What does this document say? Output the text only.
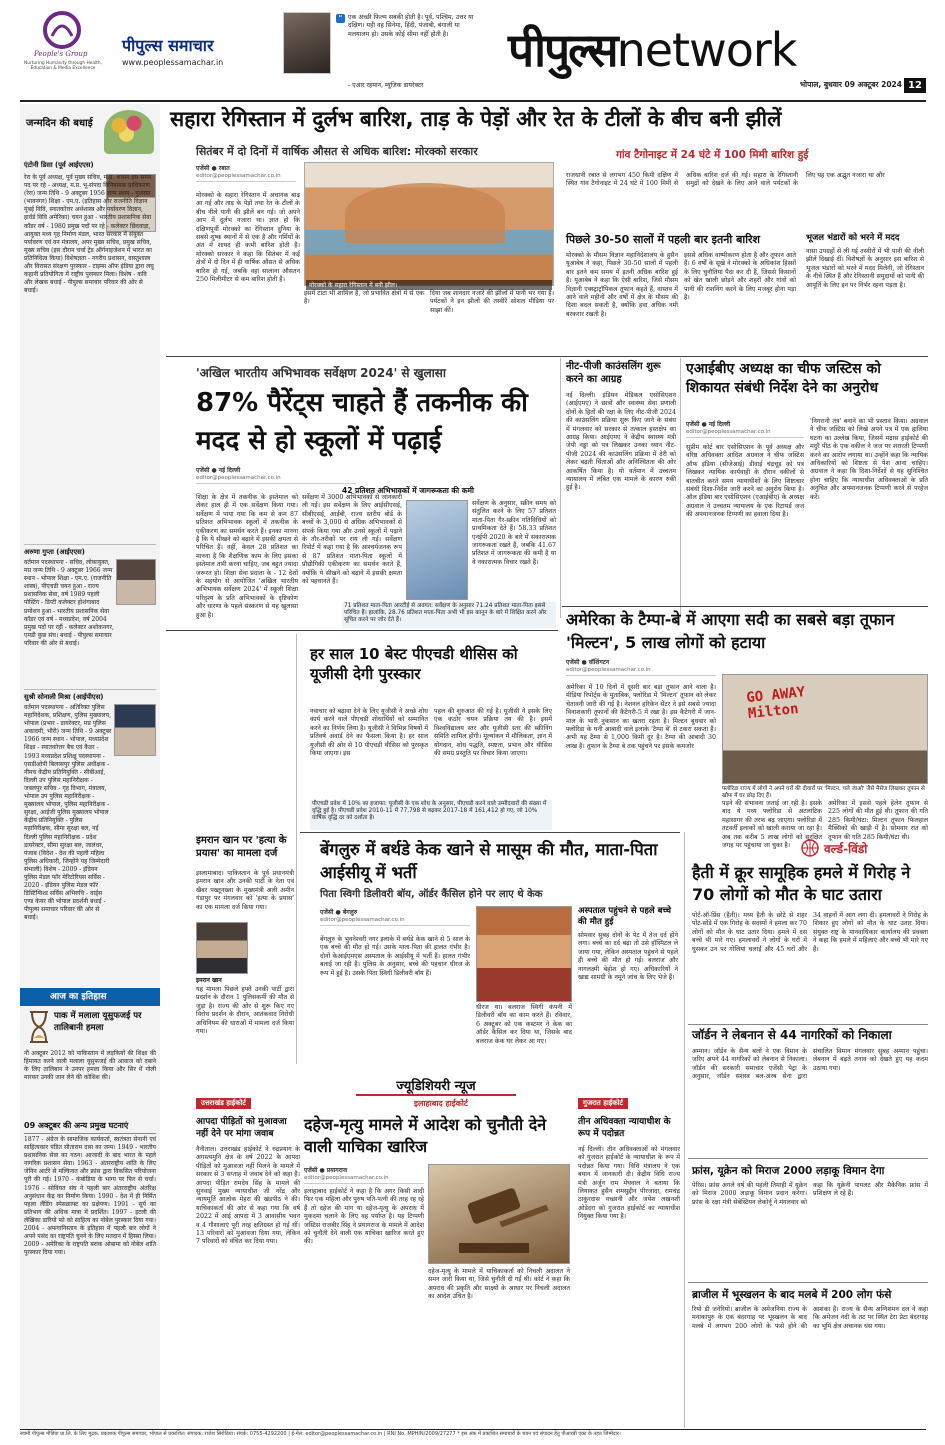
People's Group
Nurturing Humanity through Health, Education & Media Excellence
पीपुल्स समाचार
www.peoplessamachar.in
" एक अच्छी फिल्म सबकी होती है। पूर्व, पश्चिम, उत्तर या दक्षिण। यही वह सिनेमा, हिंदी, पंजाबी, बंगाली या मलयालम हो। उसके कोई सीमा नहीं होती है।
- एआर रहमान, म्यूजिक डायरेक्टर
पीपुल्सnetwork
भोपाल, बुधवार 09 अक्टूबर 2024 12
जन्मदिन की बधाई
एंटोनी डिसा (पूर्व आईएएस)
रेरा के पूर्व अध्यक्ष, पूर्व मुख्य सचिव, म.प्र. शासन इस समय पद पर रहे - अध्यक्ष, म.प्र. भू-संपदा विनियामक प्राधिकरण (रेरा) जन्म तिथि - 9 अक्टूबर 1956 जन्म स्थान - गुजरात (भावनगर) शिक्षा - एम.ए. (इतिहास और राजनीति विज्ञान मुंबई विवि, स्नातकोत्तर अर्थशास्त्र और पर्यावरण विज्ञान, हार्वर्ड विवि अमेरिका) चयन हुआ - भारतीय प्रशासनिक सेवा कॉडर वर्ष - 1980 प्रमुख पदों पर रहे - कलेक्टर छिंदवाड़ा, आयुक्त मध्य गृह निर्माण मंडल, भारत सरकार में संयुक्त पर्यावरण एवं वन मंत्रालय, अपर मुख्य सचिव, प्रमुख सचिव, मुख्य सचिव (इस दौरान चर्चा ट्रेड ऑर्गनाइजेशन में भारत का प्रतिनिधित्व किया) विशेषज्ञता - नगरीय प्रशासन, वास्तुशास्त्र और विरासत संरक्षण पुरस्कार - टाइम्स ऑफ इंडिया द्वारा लघु कहानी प्रतियोगिता में राष्ट्रीय पुरस्कार मिला। विशेष - कवि और लेखक बधाई - पीपुल्स समाचार परिवार की ओर से बधाई।
अरुणा गुप्ता (आईएएस)
वर्तमान पदस्थापना - सचिव, लोकायुक्त, मप्र जन्म तिथि - 9 अक्टूबर 1966 जन्म स्थान - भोपाल शिक्षा - एम.ए. (राजनीति शास्त्र), पीएचडी चयन हुआ - राज्य प्रशासनिक सेवा, वर्ष 1989 पहली पोस्टिंग - डिप्टी कलेक्टर होशंगाबाद प्रमोशन हुआ - भारतीय प्रशासनिक सेवा कॉडर एवं वर्ष - मध्यप्रदेश, वर्ष 2004 प्रमुख पदों पर रहीं - कलेक्टर अशोकनगर, एमडी कुछ संघ। बधाई - पीपुल्स समाचार परिवार की ओर से बधाई।
सुश्री सोनाली मिश्रा (आईपीएस)
वर्तमान पदस्थापना - अतिरिक्त पुलिस महानिदेशक, प्रशिक्षण, पुलिस मुख्यालय, भोपाल (प्रभार - डायरेक्टर, मप्र पुलिस अकादमी, भौरी) जन्म तिथि - 9 अक्टूबर 1966 जन्म स्थान - भोपाल, मध्यप्रदेश शिक्षा - स्नातकोत्तर बैच एवं कैडर - 1993 मध्यप्रदेश प्रशिक्षु पदस्थापना - एसडीओपी बिलासपुर पुलिस अधीक्षक - नीमच केंद्रीय प्रतिनियुक्ति - सीबीआई, दिल्ली उप पुलिस महानिरीक्षक - जबलपुर सचिव - गृह विभाग, मंत्रालय, भोपाल उप पुलिस महानिरीक्षक - मुख्यालय भोपाल, पुलिस महानिरीक्षक - सुरक्षा, आईजी पुलिस मुख्यालय भोपाल केंद्रीय प्रतिनियुक्ति - पुलिस महानिरीक्षक, सीमा सुरक्षा बल, नई दिल्ली पुलिस महानिरीक्षक - प्रदेश डायरेक्टर, सीमा सुरक्षा बल, जालंधर, पंजाब (विदेश - देश की पहली महिला पुलिस अधिकारी, जिन्होंने यह जिम्मेदारी संभाली) विशेष - 2009 - इंडियन पुलिस मेडल फॉर मेरिटोरियस सर्विस - 2020 - इंडियन पुलिस मेडल फॉर डिस्टिंग्विश्ड सर्विस अभिरुचि - वार्ड्स एण्ड केयर की भोपाल प्रदर्शनी बधाई - पीपुल्स समाचार परिवार की ओर से बधाई।
आज का इतिहास
पाक में मलाला यूसुफजई पर तालिबानी हमला
नौ अक्टूबर 2012 को पाकिस्तान में लड़कियों की शिक्षा की हिमायत करने वाली मलाला यूसुफजई की आवाज को दबाने के लिए तालिबान ने उनपर हमला किया और सिर में गोली मारकर उनकी जान लेने की कोशिश की।
09 अक्टूबर की अन्य प्रमुख घटनाएं
1877 - अंग्रेज के सामाजिक कार्यकर्ता, स्वतंत्रता सेनानी एवं साहित्यकार पंडित सीताराम दास का जन्म। 1949 - भारतीय प्रशासनिक सेवा का गठन। आजादी के बाद भारत के पहले नागरिक प्रशासन सेवा। 1963 - अंतरराष्ट्रीय शांति के लिए जेनिन आर्टरे से मल्कियत और फ्रांस द्वारा विकसित परियोजना पूरी की गई। 1970 - कंबोडिया के भाग्य पर फिर से चर्चा। 1976 - सोवियत संघ ने पहली बार अंतरराष्ट्रीय अंतरिक्ष अनुसंधान केंद्र का निर्माण किया। 1990 - देश में ही निर्मित पहला लैंडिंग स्पेसक्राफ्ट का प्रक्षेपण। 1991 - सूर्य का प्रतिभाग की अधिक मात्रा में प्रदर्शित। 1997 - इटली की लेखिका डारियो फो को साहित्य का नोबेल पुरस्कार दिया गया। 2004 - अफगानिस्तान के इतिहास में पहली बार लोगों ने अपने पसंद का राष्ट्रपति चुनने के लिए मतदान में हिस्सा लिया। 2009 - अमेरिका के राष्ट्रपति बराक ओबामा को नोबेल शांति पुरस्कार दिया गया।
सहारा रेगिस्तान में दुर्लभ बारिश, ताड़ के पेड़ों और रेत के टीलों के बीच बनी झीलें
सितंबर में दो दिनों में वार्षिक औसत से अधिक बारिश: मोरक्को सरकार	गांव टैगोनाइट में 24 घंटे में 100 मिमी बारिश हुई
एजेंसी ● रबात
editor@peoplessamachar.co.in
मोरक्को के सहारा रेगिस्तान में अचानक बाढ़ आ गई और ताड़ के पेड़ों तथा रेत के टीलों के बीच नीले पानी की झीलें बन गई। जो अपने आप में दुर्लभ नजारा था। ज्ञात हो कि दक्षिणपूर्वी मोरक्को का रेगिस्तान दुनिया के सबसे शुष्क स्थानों में से एक है और गर्मियों के अंत में शायद ही कभी बारिश होती है। मोरक्को सरकार ने कहा कि सितंबर में कई क्षेत्रों में दो दिन में ही वार्षिक औसत से अधिक बारिश हो गई, जबकि वहां सालाना औसतन 250 मिलीमीटर से कम बारिश होती है।
मोरक्को के सहारा रेगिस्तान में बनी झील।
इसमें टाटा भी शामिल है, जो प्रभावित क्षेत्रों में से एक है।
दिया जब शानदार नजारे की झीलों में पानी भर गया है। पर्यटकों ने इन झीलों की तस्वीरें सोशल मीडिया पर साझा कीं।
राजधानी रबात से लगभग 450 किमी दक्षिण में स्थित गांव टैगोनाइट में 24 घंटे में 100 मिमी से अधिक बारिश दर्ज की गई। सहारा के रेगिस्तानी समुद्रों को देखने के लिए आने वाले पर्यटकों के लिए यह एक अद्भुत नजारा था और
पिछले 30-50 सालों में पहली बार इतनी बारिश
मोरक्को के मौसम विज्ञान महानिदेशालय के हुसैन यूआबेब ने कहा, पिछले 30-50 सालों में पहली बार इतने कम समय में इतनी अधिक बारिश हुई है। यूआबेब ने कहा कि ऐसी बारिश, जिसे मौसम विज्ञानी एक्स्ट्राट्रॉपिकल तूफान कहते हैं, वास्तव में आने वाले महीनों और वर्षों में क्षेत्र के मौसम की दिशा बदल सकती है, क्योंकि हवा अधिक नमी बरकरार रखती है।
इससे अधिक वाष्पीकरण होता है और तूफान आते हैं। 6 वर्षों के सूखे ने मोरक्को के अधिकांश हिस्सों के लिए चुनौतियां पैदा कर दी हैं, जिससे किसानों को खेत खाली छोड़ने और शहरों और गांवों को पानी की राशनिंग करने के लिए मजबूर होना पड़ा है।
भूजल भंडारों को भरने में मदद
नासा उपग्रहों से ली गई तस्वीरों में भी पानी की नीली झीलें दिखाई दीं। विशेषज्ञों के अनुसार इस बारिश से भूजल भंडारों को भरने में मदद मिलेगी, जो रेगिस्तान के नीचे स्थित हैं और रेगिस्तानी समुदायों को पानी की आपूर्ति के लिए इन पर निर्भर रहना पड़ता है।
'अखिल भारतीय अभिभावक सर्वेक्षण 2024' से खुलासा
87% पैरेंट्स चाहते हैं तकनीक की मदद से हो स्कूलों में पढ़ाई
एजेंसी ● नई दिल्ली
editor@peoplessamachar.co.in
शिक्षा के क्षेत्र में तकनीक के इस्तेमाल को लेकर हाल ही में एक सर्वेक्षण किया गया। सर्वेक्षण में पाया गया कि कम से कम 87 प्रतिशत अभिभावक स्कूलों में तकनीक के एकीकरण का समर्थन करते हैं। इनका मानना है कि ये सीखने को बढ़ाने में इसकी क्षमता से परिचित हैं। वहीं, केवल 28 प्रतिशत का मानना है कि शैक्षणिक काम के लिए इसका इस्तेमाल तभी करना चाहिए, जब बहुत ज्यादा जरूरत हो। शिक्षा सेवा प्रदाता के - 12 देशों के सहयोग से आयोजित 'अखिल भारतीय अभिभावक सर्वेक्षण 2024' में स्कूली शिक्षा परिदृश्य के प्रति अभिभावकों के दृष्टिकोण और धारणा के पहले संस्करण से यह खुलासा हुआ है।
सर्वेक्षण में 3000 अभिभावकों से जानकारी ली गई। इस सर्वेक्षण के लिए आईसीएसई, सीबीएसई, आईबी, राज्य स्तरीय बोर्ड के बच्चों के 3,000 से अधिक अभिभावकों से संपर्क किया गया और उनसे स्कूलों में पढ़ाने के तौर-तरीकों पर राय ली गई। सर्वेक्षण रिपोर्ट में कहा गया है कि आश्चर्यजनक रूप से 87 प्रतिशत माता-पिता स्कूलों में प्रौद्योगिकी एकीकरण का समर्थन करते हैं, क्योंकि ये सीखने को बढ़ाने में इसकी क्षमता को पहचानते हैं।
42 प्रतिशत अभिभावकों में जागरूकता की कमी
सर्वेक्षण के अनुसार, स्क्रीन समय को संतुलित करने के लिए 57 प्रतिशत माता-पिता गैर-स्क्रीन गतिविधियों को प्राथमिकता देते हैं। 58.33 प्रतिशत एनईपी 2020 के बारे में सकारात्मक जागरूकता रखते हैं, जबकि 41.67 प्रतिशत में जागरूकता की कमी है या वे नकारात्मक विचार रखते हैं।
71 प्रतिशत माता-पिता आरटीई से अवगत: सर्वेक्षण के अनुसार 71.24 प्रतिशत माता-पिता इससे परिचित हैं। हालांकि, 28.76 प्रतिशत माता-पिता अभी भी इस कानून के बारे में शिक्षित करने और सूचित करने पर जोर देते हैं।
नीट-पीजी काउंसलिंग शुरू करने का आग्रह
नई दिल्ली। इंडियन मेडिकल एसोसिएशन (आईएमए) ने छात्रों और स्वास्थ्य सेवा प्रणाली दोनों के हितों की रक्षा के लिए नीट-पीजी 2024 की काउंसलिंग प्रक्रिया शुरू किए जाने के संबंध में मंगलवार को सरकार से तत्काल हस्तक्षेप का आग्रह किया। आईएमए ने केंद्रीय स्वास्थ्य मंत्री जेपी नड्डा को पत्र लिखकर उनका ध्यान नीट-पीजी 2024 की काउंसलिंग प्रक्रिया में देरी को लेकर बढ़ती चिंताओं और अनिश्चितता की ओर आकर्षित किया है। यो वर्तमान में उच्चतम न्यायालय में लंबित एक मामले के कारण रुकी हुई है।
एआईबीए अध्यक्ष का चीफ जस्टिस को शिकायत संबंधी निर्देश देने का अनुरोध
एजेंसी ● नई दिल्ली
editor@peoplessamachar.co.in
सुप्रीम कोर्ट बार एसोसिएशन के पूर्व अध्यक्ष और वरिष्ठ अधिवक्ता आदिश अग्रवाल ने चीफ जस्टिस ऑफ इंडिया (सीजेआई) डीवाई चंद्रचूड़ को पत्र लिखकर न्यायिक कार्यवाही के दौरान वकीलों से बातचीत करते समय न्यायाधीशों के लिए शिष्टाचार संबंधी दिशा-निर्देश जारी करने का अनुरोध किया है। ऑल इंडिया बार एसोसिएशन (एआईबीए) के अध्यक्ष अग्रवाल ने उच्चतम न्यायालय के एक रिटायर्ड जज की अपमानजनक टिप्पणी का हवाला दिया है।
'निगरानी तंत्र' बनाने का भी प्रस्ताव किया। अग्रवाल ने चीफ जस्टिस को लिखे अपने पत्र में एक हालिया घटना का उल्लेख किया, जिसमें मद्रास हाईकोर्ट की मदुरै पीठ के एक वकील ने जज पर शरारती टिप्पणी करने का आरोप लगाया था। उन्होंने कहा कि न्यायिक अधिकारियों को शिष्टता से पेश आना चाहिए। अग्रवाल ने कहा कि दिशा-निर्देशों से यह सुनिश्चित होना चाहिए कि न्यायाधीश अधिवक्ताओं के प्रति अनुचित और अपमानजनक टिप्पणी करने से परहेज करें।
अमेरिका के टैम्पा-बे में आएगा सदी का सबसे बड़ा तूफान 'मिल्टन', 5 लाख लोगों को हटाया
एजेंसी ● वॉशिंगटन
editor@peoplessamachar.co.in
अमेरिका में 10 दिनों में दूसरी बार बड़ा तूफान आने वाला है। मीडिया रिपोर्ट्स के मुताबिक, फ्लोरिडा में 'मिल्टन' तूफान को लेकर चेतावनी जारी की गई है। नेशनल हरिकेन सेंटर ने इसे सबसे ज्यादा विनाशकारी तूफानों की कैटेगरी-5 में रखा है। इस कैटेगरी में जान-माल के भारी नुकसान का खतरा रहता है। मिल्टन बुधवार को फ्लोरिडा के घनी आबादी वाले इलाके 'टैम्पा बे' से टकरा सकता है। अभी यह टैम्पा से 1,000 किमी दूर है। टैम्पा की आबादी 30 लाख है। तूफान के टैम्पा बे तक पहुंचने पर इसके कमजोर
GO AWAY Milton
फ्लोरिडा राज्य में लोगों ने अपने घरों की दीवारों पर 'मिल्टन, चले जाओ' जैसे मैसेज लिखकर तूफान से खौफ में घर छोड़ दिए हैं।
पड़ने की संभावना जताई जा रही है। इसके बाद ये मध्य फ्लोरिडा से अटलांटिक महासागर की तरफ बढ़ जाएगा। फ्लोरिडा में तटवर्ती इलाकों को खाली कराया जा रहा है। अब तक करीब 5 लाख लोगों को सुरक्षित जगह पर पहुंचाया जा चुका है।
अमेरिका में इससे पहले हेलेन तूफान से 225 लोगों की मौत हुई थी। तूफान की गति 285 किमी/घंटा: मिल्टन तूफान फिलहाल मैक्सिको की खाड़ी में है। सोमवार रात को तूफान की गति 285 किमी/घंटा थी।
हर साल 10 बेस्ट पीएचडी थीसिस को यूजीसी देगी पुरस्कार
नवाचार को बढ़ावा देने के लिए यूजीसी ने अच्छे शोध कार्य करने वाले पीएचडी शोधार्थियों को सम्मानित करने का निर्णय लिया है। यूजीसी ने विभिन्न विषयों में प्रतिवर्ष अवार्ड देने का फैसला किया है। हर साल यूजीसी की ओर से 10 पीएचडी थीसिस को पुरस्कृत किया जाएगा। इस
पहल की शुरुआत की गई है। यूजीसी ने इसके लिए एक कठोर चयन प्रक्रिया तय की है। इसमें विश्वविद्यालय स्तर और यूजीसी स्तर की स्क्रीनिंग समिति शामिल होंगी। मूल्यांकन में मौलिकता, ज्ञान में योगदान, शोध पद्धति, स्पष्टता, प्रभाव और थीसिस की समग्र प्रस्तुति पर विचार किया जाएगा।
पीएचडी प्रवेश में 10% का इजाफा: यूजीसी के एक शोध के अनुसार, पीएचडी करने वाले उम्मीदवारों की संख्या में वृद्धि हुई है। पीएचडी प्रवेश 2010-11 में 77,798 से बढ़कर 2017-18 में 161,412 हो गए, जो 10% वार्षिक वृद्धि दर को दर्शाता है।
इमरान खान पर 'हत्या के प्रयास' का मामला दर्ज
इस्लामाबाद। पाकिस्तान के पूर्व प्रधानमंत्री इमरान खान और उनकी पार्टी के नेता एवं खैबर पख्तूनख्वा के मुख्यमंत्री अली अमीन गंडापुर पर मंगलवार को 'हत्या के प्रयास' का एक मामला दर्ज किया गया।
इमरान खान
यह मामला पिछले हफ्ते उनकी पार्टी द्वारा प्रदर्शन के दौरान 1 पुलिसकर्मी की मौत से जुड़ा है। राज्य की ओर से शुरू किए गए विरोध प्रदर्शन के दौरान, आतंकवाद निरोधी अधिनियम की धाराओं में मामला दर्ज किया गया।
बेंगलुरु में बर्थडे केक खाने से मासूम की मौत, माता-पिता आईसीयू में भर्ती
पिता स्विगी डिलीवरी बॉय, ऑर्डर कैंसिल होने पर लाए थे केक
एजेंसी ● बेंगलुरु
editor@peoplessamachar.co.in
बेंगलुरु के भुवनेश्वरी नगर इलाके में बर्थडे केक खाने से 5 साल के एक बच्चे की मौत हो गई। उसके माता-पिता की हालत गंभीर है। दोनों केआईएमएस अस्पताल के आईसीयू में भर्ती हैं। हालत गंभीर बताई जा रही है। पुलिस के अनुसार, बच्चे की पहचान धीरज के रूप में हुई है। उसके पिता स्विगी डिलीवरी बॉय हैं।
धीरज था। बलराज स्विगी कंपनी में डिलीवरी बॉय का काम करते हैं। रविवार, 6 अक्टूबर को एक कस्टमर ने केक का ऑर्डर कैंसिल कर दिया था, जिसके बाद बलराज केक घर लेकर आ गए।
अस्पताल पहुंचने से पहले बच्चे की मौत हुई
सोमवार सुबह दोनों के पेट में तेज दर्द होने लगा। बच्चे का दर्द बढ़ा तो उसे हॉस्पिटल ले जाया गया, लेकिन अस्पताल पहुंचने से पहले ही बच्चे की मौत हो गई। बलराज और नागलक्ष्मी बेहोश हो गए। अधिकारियों ने खाद्य सामग्री के नमूने जांच के लिए भेजे हैं।
ज्यूडिशियरी न्यूज
उत्तराखंड हाईकोर्ट
आपदा पीड़ितों को मुआवजा नहीं देने पर मांगा जवाब
नैनीताल। उत्तराखंड हाईकोर्ट ने रुद्रप्रयाग के अगस्त्यमुनि क्षेत्र के वर्ष 2022 के आपदा पीड़ितों को मुआवजा नहीं मिलने के मामले में सरकार से 3 सप्ताह में जवाब देने को कहा है। आपदा पीड़ित रामदेव सिंह के मामले की सुनवाई मुख्य न्यायाधीश जी नरेंद्र और न्यायमूर्ति आलोक मेहरा की खंडपीठ ने की। याचिकाकर्ता की ओर से कहा गया कि वर्ष 2022 में आई आपदा में 3 आवासीय भवन व 4 गौशालाएं पूरी तरह क्षतिग्रस्त हो गई थीं। 13 परिवारों को मुआवजा दिया गया, लेकिन 7 परिवारों को वंचित कर दिया गया।
इलाहाबाद हाईकोर्ट
दहेज-मृत्यु मामले में आदेश को चुनौती देने वाली याचिका खारिज
एजेंसी ● प्रयागराज
editor@peoplessamachar.co.in
इलाहाबाद हाईकोर्ट ने कहा है कि अगर किसी शादी फिर एक महिला और पुरुष पति-पत्नी की तरह रह रहे हैं तो दहेज की मांग या दहेज-मृत्यु के अपराध में मुकदमा चलाने के लिए वह पर्याप्त है। यह टिप्पणी जस्टिस राजबीर सिंह ने प्रयागराज के मामले में आदेश को चुनौती देने वाली एक याचिका खारिज करते हुए की।
दहेज-मृत्यु के मामले में याचिकाकर्ता को निचली अदालत ने समन जारी किया था, जिसे चुनौती दी गई थी। कोर्ट ने कहा कि अपराध की प्रकृति और साक्ष्यों के आधार पर निचली अदालत का आदेश उचित है।
गुजरात हाईकोर्ट
तीन अधिवक्ता न्यायाधीश के रूप में पदोन्नत
नई दिल्ली। तीन अधिवक्ताओं को मंगलवार को गुजरात हाईकोर्ट के न्यायाधीश के रूप में पदोन्नत किया गया। विधि मंत्रालय ने एक बयान में जानकारी दी। केंद्रीय विधि राज्य मंत्री अर्जुन राम मेघवाल ने बताया कि लियाकत हुसैन शमसुद्दीन पीरजादा, रामचंद्र ठाकुरदास वच्छानी और जयेश लखनशी ओडेदरा को गुजरात हाईकोर्ट का न्यायाधीश नियुक्त किया गया है।
वर्ल्ड-विंडो
हैती में क्रूर सामूहिक हमले में गिरोह ने 70 लोगों को मौत के घाट उतारा
पोर्ट-ऑ-प्रिंस (हैती)। मध्य हैती के छोटे से शहर पोंट-सोंडे में एक गिरोह के सदस्यों ने हमला कर 70 लोगों को मौत के घाट उतार दिया। हमले में दस बच्चे भी मारे गए। हमलावरों ने लोगों के घरों में घुसकर उन पर गोलियां चलाईं और 45 घरों और 34 वाहनों में आग लगा दी। हमलावरों ने गिरोह के शिकार हुए लोगों को मौत के घाट उतार दिया। संयुक्त राष्ट्र के मानवाधिकार कार्यालय की प्रवक्ता ने कहा कि हमले में महिलाएं और बच्चे भी मारे गए हैं।
जॉर्डन ने लेबनान से 44 नागरिकों को निकाला
अम्मान। जॉर्डन के सैन्य बलों ने एक विमान के जरिए अपने 44 नागरिकों को लेबनान से निकाला। जॉर्डन की सरकारी समाचार एजेंसी पेट्रा के अनुसार, जॉर्डन सशस्त्र बल-अरब सेना द्वारा संचालित विमान मंगलवार सुबह अम्मान पहुंचा। लेबनान में बढ़ते तनाव को देखते हुए यह कदम उठाया गया।
फ्रांस, यूक्रेन को मिराज 2000 लड़ाकू विमान देगा
पेरिस। फ्रांस अगले वर्ष की पहली तिमाही में यूक्रेन को मिराज 2000 लड़ाकू विमान प्रदान करेगा। फ्रांस के रक्षा मंत्री सेबेस्टियन लेकोर्नू ने मंगलवार को कहा कि यूक्रेनी पायलट और मैकेनिक फ्रांस में प्रशिक्षण ले रहे हैं।
ब्राजील में भूस्खलन के बाद मलबे में 200 लोग फंसे
रियो डी जनेरियो। ब्राजील के अमेजनिया राज्य के मनाकापुरु के एक बंदरगाह पर भूस्खलन के बाद मलबे में लगभग 200 लोगों के फंसे होने की आशंका है। राज्य के सैन्य अग्निशमन दल ने कहा कि अमेजन नदी के तट पर स्थित टेरा प्रेटा बंदरगाह का भूमि क्षेत्र अचानक धंस गया।
स्वामी पीपुल्स मीडिया प्रा.लि. के लिए मुद्रक, प्रकाशक पीपुल्स समाचार, भोपाल से प्रकाशित। संपादक: राजेश सिरोठिया। संपर्क: 0755-4292200 | ई-मेल: editor@peoplessamachar.co.in | RNI No. MPHIN/2009/27277 * इस अंक में प्रकाशित समाचारों के चयन एवं संपादन हेतु पीआरबी एक्ट के तहत जिम्मेदार।
